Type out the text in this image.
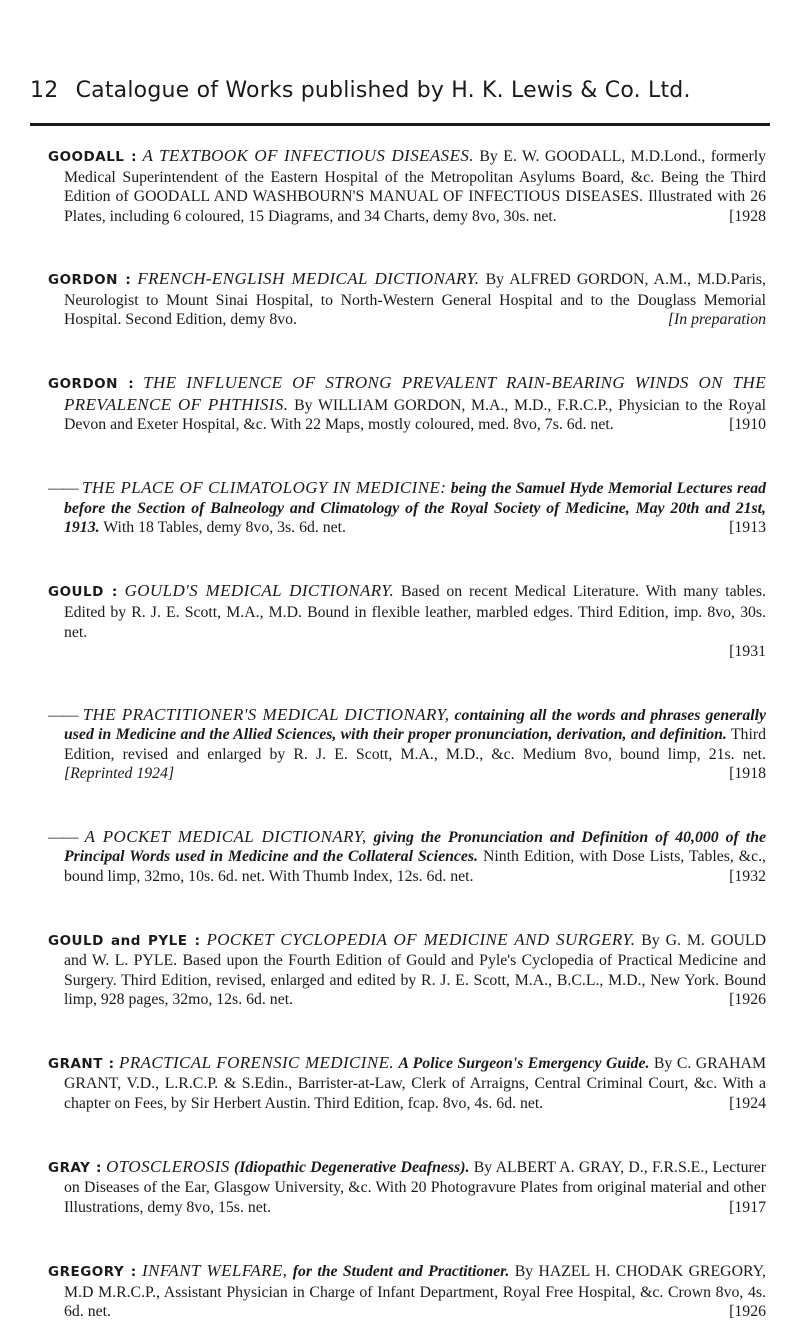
12 Catalogue of Works published by H. K. Lewis & Co. Ltd.

GOODALL : A TEXTBOOK OF INFECTIOUS DISEASES. By E. W. GOODALL, M.D.Lond., formerly Medical Superintendent of the Eastern Hospital of the Metropolitan Asylums Board, &c. Being the Third Edition of GOODALL AND WASHBOURN'S MANUAL OF INFECTIOUS DISEASES. Illustrated with 26 Plates, including 6 coloured, 15 Diagrams, and 34 Charts, demy 8vo, 30s. net.	[1928

GORDON : FRENCH-ENGLISH MEDICAL DICTIONARY. By ALFRED GORDON, A.M., M.D.Paris, Neurologist to Mount Sinai Hospital, to North-Western General Hospital and to the Douglass Memorial Hospital. Second Edition, demy 8vo.	[In preparation

GORDON : THE INFLUENCE OF STRONG PREVALENT RAIN-BEARING WINDS ON THE PREVALENCE OF PHTHISIS. By WILLIAM GORDON, M.A., M.D., F.R.C.P., Physician to the Royal Devon and Exeter Hospital, &c. With 22 Maps, mostly coloured, med. 8vo, 7s. 6d. net.	[1910

—— THE PLACE OF CLIMATOLOGY IN MEDICINE: being the Samuel Hyde Memorial Lectures read before the Section of Balneology and Climatology of the Royal Society of Medicine, May 20th and 21st, 1913. With 18 Tables, demy 8vo, 3s. 6d. net.	[1913

GOULD : GOULD'S MEDICAL DICTIONARY. Based on recent Medical Literature. With many tables. Edited by R. J. E. Scott, M.A., M.D. Bound in flexible leather, marbled edges. Third Edition, imp. 8vo, 30s. net.

[1931

—— THE PRACTITIONER'S MEDICAL DICTIONARY, containing all the words and phrases generally used in Medicine and the Allied Sciences, with their proper pronunciation, derivation, and definition. Third Edition, revised and enlarged by R. J. E. Scott, M.A., M.D., &c. Medium 8vo, bound limp, 21s. net. [Reprinted 1924]	[1918

—— A POCKET MEDICAL DICTIONARY, giving the Pronunciation and Definition of 40,000 of the Principal Words used in Medicine and the Collateral Sciences. Ninth Edition, with Dose Lists, Tables, &c., bound limp, 32mo, 10s. 6d. net. With Thumb Index, 12s. 6d. net.	[1932

GOULD and PYLE : POCKET CYCLOPEDIA OF MEDICINE AND SURGERY. By G. M. GOULD and W. L. PYLE. Based upon the Fourth Edition of Gould and Pyle's Cyclopedia of Practical Medicine and Surgery. Third Edition, revised, enlarged and edited by R. J. E. Scott, M.A., B.C.L., M.D., New York. Bound limp, 928 pages, 32mo, 12s. 6d. net.	[1926

GRANT : PRACTICAL FORENSIC MEDICINE. A Police Surgeon's Emergency Guide. By C. GRAHAM GRANT, V.D., L.R.C.P. & S.Edin., Barrister-at-Law, Clerk of Arraigns, Central Criminal Court, &c. With a chapter on Fees, by Sir Herbert Austin. Third Edition, fcap. 8vo, 4s. 6d. net.	[1924

GRAY : OTOSCLEROSIS (Idiopathic Degenerative Deafness). By ALBERT A. GRAY, D., F.R.S.E., Lecturer on Diseases of the Ear, Glasgow University, &c. With 20 Photogravure Plates from original material and other Illustrations, demy 8vo, 15s. net.	[1917

GREGORY : INFANT WELFARE, for the Student and Practitioner. By HAZEL H. CHODAK GREGORY, M.D M.R.C.P., Assistant Physician in Charge of Infant Department, Royal Free Hospital, &c. Crown 8vo, 4s. 6d. net.	[1926
